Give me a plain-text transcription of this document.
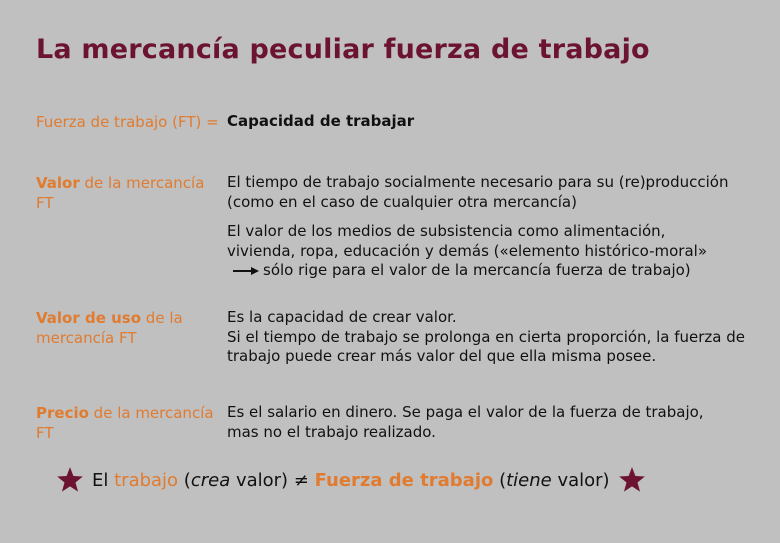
La mercancía peculiar fuerza de trabajo
Fuerza de trabajo (FT) = Capacidad de trabajar
Valor de la mercancía FT
El tiempo de trabajo socialmente necesario para su (re)producción (como en el caso de cualquier otra mercancía)
El valor de los medios de subsistencia como alimentación, vivienda, ropa, educación y demás («elemento histórico-moral»sólo rige para el valor de la mercancía fuerza de trabajo)
Valor de uso de la mercancía FT
Es la capacidad de crear valor.
Si el tiempo de trabajo se prolonga en cierta proporción, la fuerza de trabajo puede crear más valor del que ella misma posee.
Precio de la mercancía FT
Es el salario en dinero. Se paga el valor de la fuerza de trabajo, mas no el trabajo realizado.
El trabajo (crea valor) ≠ Fuerza de trabajo (tiene valor)
